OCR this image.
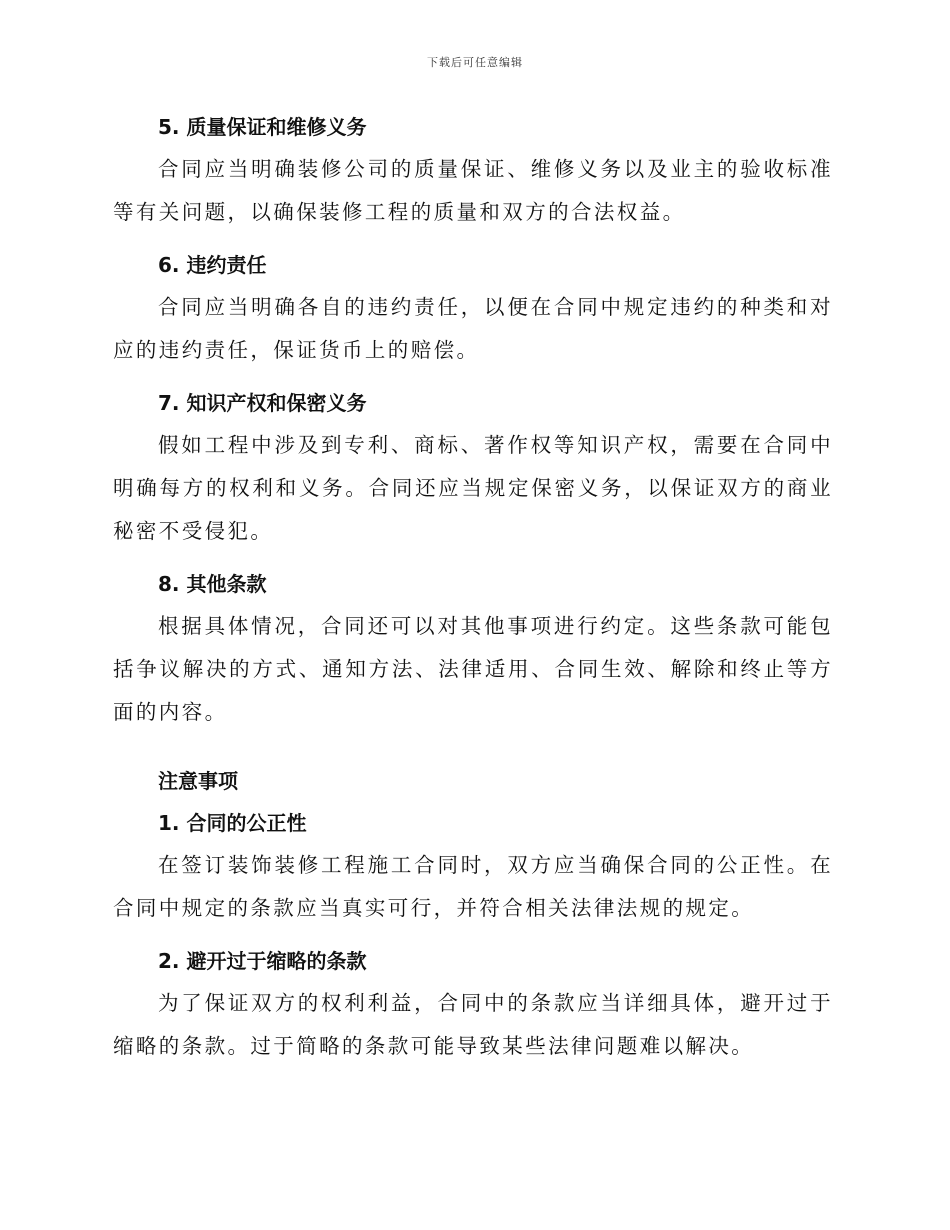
下载后可任意编辑
5. 质量保证和维修义务

合同应当明确装修公司的质量保证、维修义务以及业主的验收标准等有关问题，以确保装修工程的质量和双方的合法权益。

6. 违约责任

合同应当明确各自的违约责任，以便在合同中规定违约的种类和对应的违约责任，保证货币上的赔偿。

7. 知识产权和保密义务

假如工程中涉及到专利、商标、著作权等知识产权，需要在合同中明确每方的权利和义务。合同还应当规定保密义务，以保证双方的商业秘密不受侵犯。

8. 其他条款

根据具体情况，合同还可以对其他事项进行约定。这些条款可能包括争议解决的方式、通知方法、法律适用、合同生效、解除和终止等方面的内容。

注意事项
1. 合同的公正性

在签订装饰装修工程施工合同时，双方应当确保合同的公正性。在合同中规定的条款应当真实可行，并符合相关法律法规的规定。

2. 避开过于缩略的条款

为了保证双方的权利利益，合同中的条款应当详细具体，避开过于缩略的条款。过于简略的条款可能导致某些法律问题难以解决。
